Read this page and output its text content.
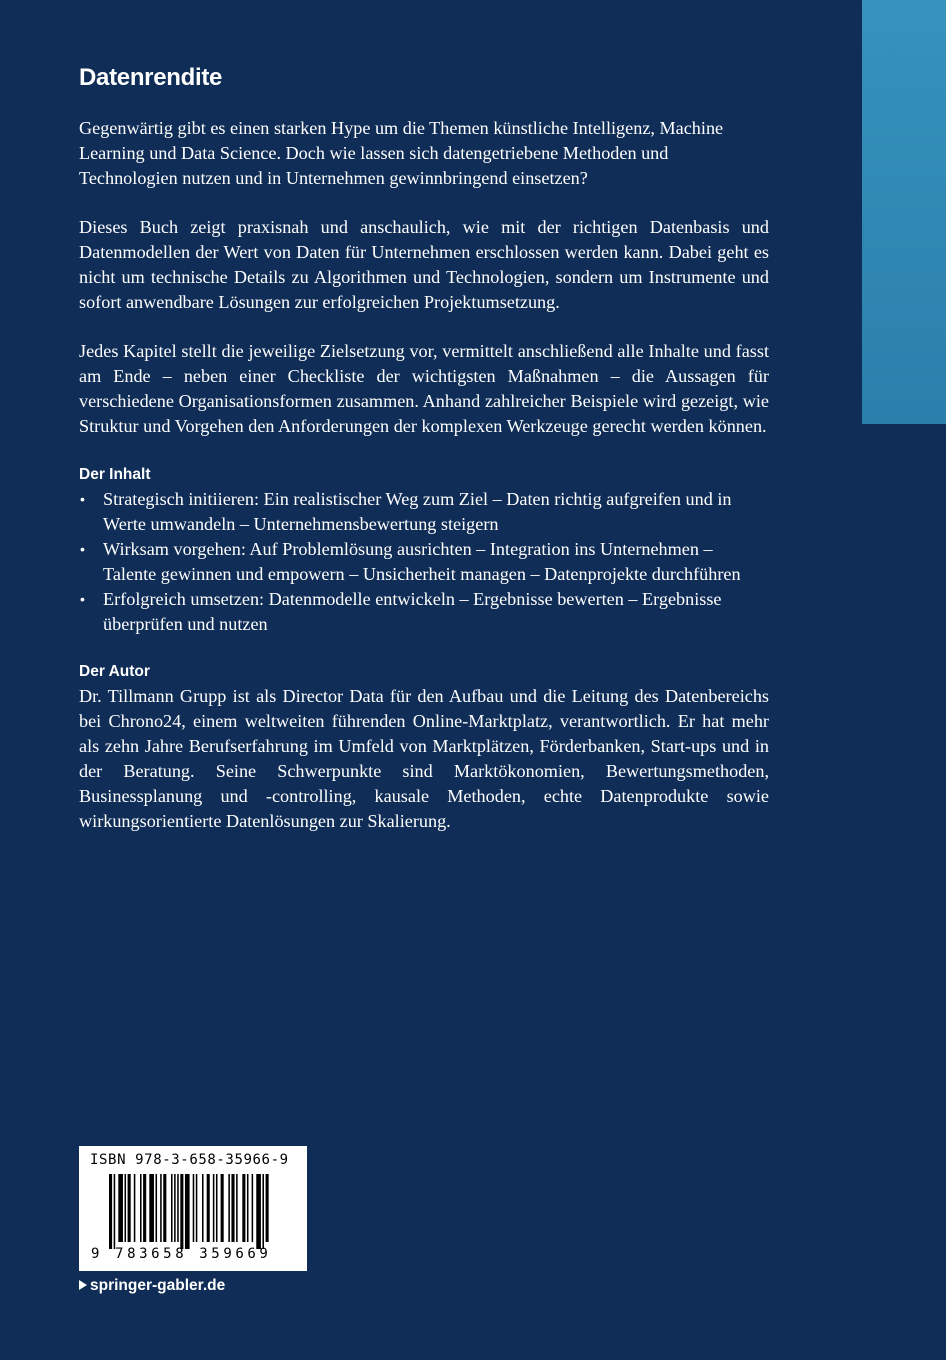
Datenrendite

Gegenwärtig gibt es einen starken Hype um die Themen künstliche Intelligenz, Machine Learning und Data Science. Doch wie lassen sich datengetriebene Methoden und Technologien nutzen und in Unternehmen gewinnbringend einsetzen?

Dieses Buch zeigt praxisnah und anschaulich, wie mit der richtigen Datenbasis und Datenmodellen der Wert von Daten für Unternehmen erschlossen werden kann. Dabei geht es nicht um technische Details zu Algorithmen und Technologien, sondern um Instrumente und sofort anwendbare Lösungen zur erfolgreichen Projektumsetzung.

Jedes Kapitel stellt die jeweilige Zielsetzung vor, vermittelt anschließend alle Inhalte und fasst am Ende – neben einer Checkliste der wichtigsten Maßnahmen – die Aussagen für verschiedene Organisationsformen zusammen. Anhand zahlreicher Beispiele wird gezeigt, wie Struktur und Vorgehen den Anforderungen der komplexen Werkzeuge gerecht werden können.

Der Inhalt
• Strategisch initiieren: Ein realistischer Weg zum Ziel – Daten richtig aufgreifen und in Werte umwandeln – Unternehmensbewertung steigern
• Wirksam vorgehen: Auf Problemlösung ausrichten – Integration ins Unternehmen – Talente gewinnen und empowern – Unsicherheit managen – Datenprojekte durchführen
• Erfolgreich umsetzen: Datenmodelle entwickeln – Ergebnisse bewerten – Ergebnisse überprüfen und nutzen
Der Autor

Dr. Tillmann Grupp ist als Director Data für den Aufbau und die Leitung des Datenbereichs bei Chrono24, einem weltweiten führenden Online-Marktplatz, verantwortlich. Er hat mehr als zehn Jahre Berufserfahrung im Umfeld von Marktplätzen, Förderbanken, Start-ups und in der Beratung. Seine Schwerpunkte sind Marktökonomien, Bewertungsmethoden, Businessplanung und -controlling, kausale Methoden, echte Datenprodukte sowie wirkungsorientierte Datenlösungen zur Skalierung.

ISBN 978-3-658-35966-9
9 783658 359669
springer-gabler.de
